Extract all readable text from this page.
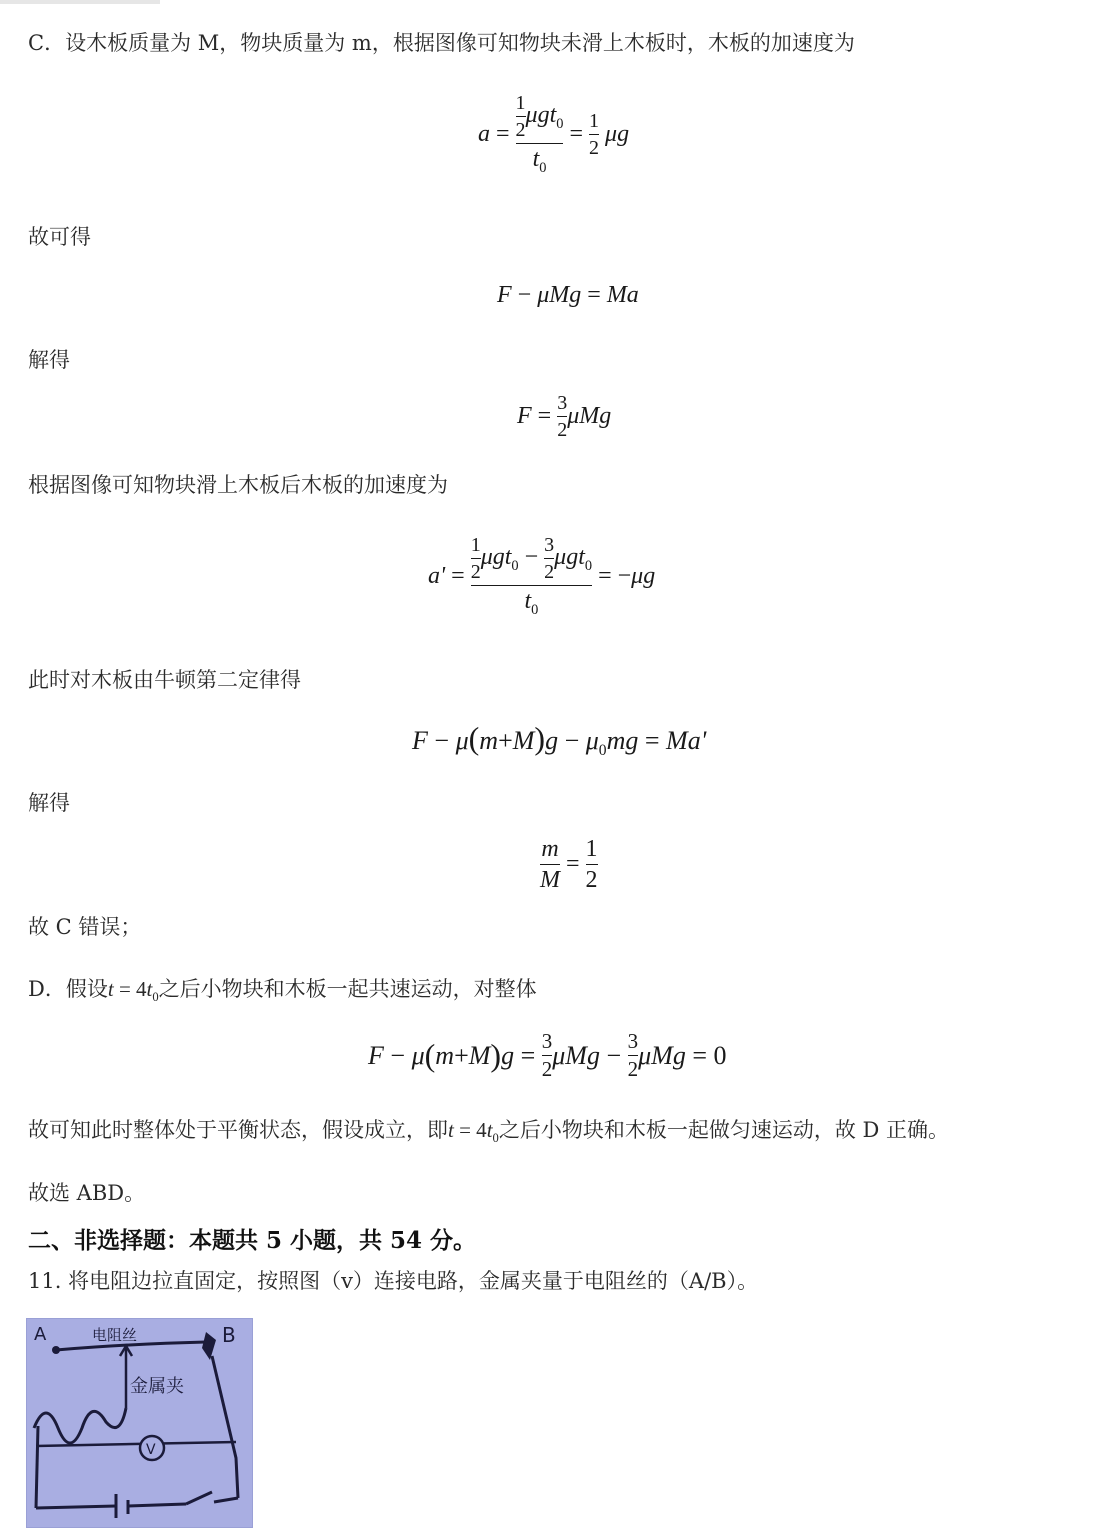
C．设木板质量为 M，物块质量为 m，根据图像可知物块未滑上木板时，木板的加速度为
$a = \frac{\frac{1}{2} \mu gt_0}{t_0} = \frac{1}{2}$ μg
故可得
F − μMg = Ma
解得
$F = \frac{3}{2}$ μMg
根据图像可知物块滑上木板后木板的加速度为
$a' = \frac{\frac{1}{2} \mu gt_0 - \frac{3}{2} \mu gt_0}{t_0}$ = − μg
此时对木板由牛顿第二定律得
$F - \mu(m+M)g - \mu_0mg = Ma'$
解得
$\frac{m}{M} = \frac{1}{2}$
故 C 错误；
D．假设$t = 4t_0$之后小物块和木板一起共速运动，对整体
F − μ ( m + M ) $g = \frac{3}{2}$ $\mu Mg - \frac{3}{2}$ μMg = 0
故可知此时整体处于平衡状态，假设成立，即$t = 4t_0$之后小物块和木板一起做匀速运动，故 D 正确。
故选 ABD。
二、非选择题：本题共 5 小题，共 54 分。
11. 将电阻边拉直固定，按照图（v）连接电路，金属夹量于电阻丝的（A/B）。
A	B
电阻丝
金属夹
V
